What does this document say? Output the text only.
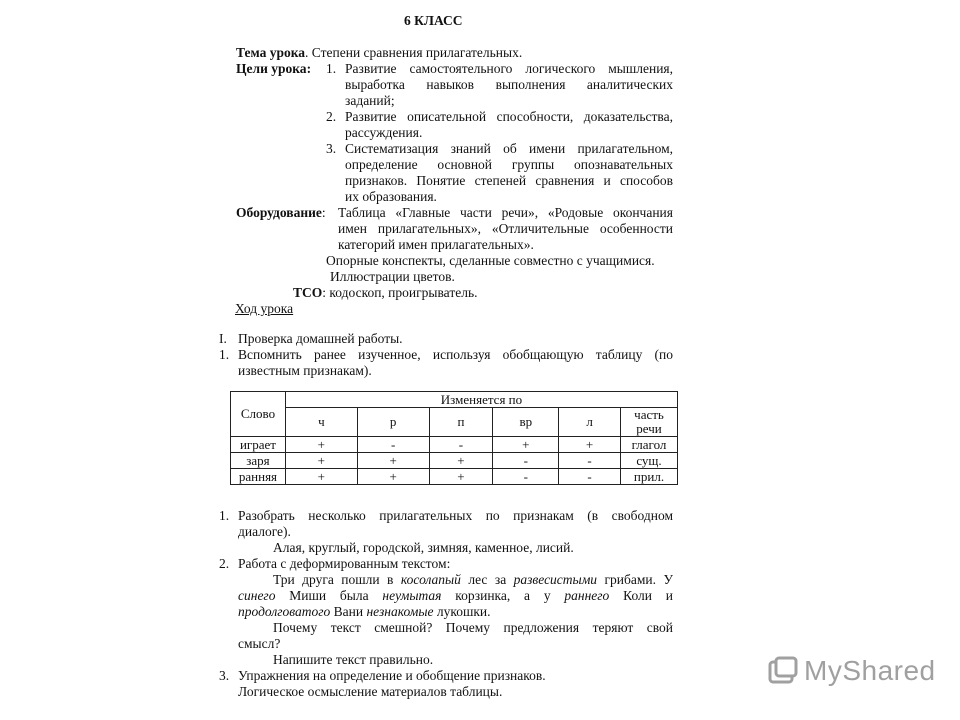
6 КЛАСС
Тема урока. Степени сравнения прилагательных.
Цели урока: 1. Развитие самостоятельного логического мышления,
выработка навыков выполнения аналитических
заданий;
2. Развитие описательной способности, доказательства,
рассуждения.
3. Систематизация знаний об имени прилагательном,
определение основной группы опознавательных
признаков. Понятие степеней сравнения и способов
их образования.
Оборудование: Таблица «Главные части речи», «Родовые окончания
имен прилагательных», «Отличительные особенности
категорий имен прилагательных».
Опорные конспекты, сделанные совместно с учащимися.
Иллюстрации цветов.
ТСО: кодоскоп, проигрыватель.
Ход урока
I. Проверка домашней работы.
1. Вспомнить ранее изученное, используя обобщающую таблицу (по
известным признакам).
Слово	Изменяется по					
	ч	р	п	вр	л	часть
речи
играет	+	-	-	+	+	глагол
заря	+	+	+	-	-	сущ.
ранняя	+	+	+	-	-	прил.
1. Разобрать несколько прилагательных по признакам (в свободном
диалоге).
Алая, круглый, городской, зимняя, каменное, лисий.
2. Работа с деформированным текстом:
Три друга пошли в косолапый лес за развесистыми грибами. У
синего Миши была неумытая корзинка, а у раннего Коли и
продолговатого Вани незнакомые лукошки.
Почему текст смешной? Почему предложения теряют свой
смысл?
Напишите текст правильно.
3. Упражнения на определение и обобщение признаков.
Логическое осмысление материалов таблицы.
MyShared
